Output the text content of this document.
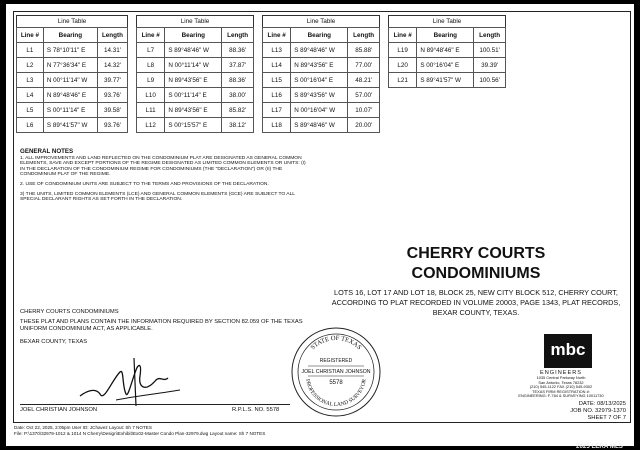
Line Table
Line #	Bearing	Length
L1	S 78°10'11" E	14.31'
L2	N 77°36'34" E	14.32'
L3	N 00°11'14" W	39.77'
L4	N 89°48'46" E	93.76'
L5	S 00°11'14" E	39.58'
L6	S 89°41'57" W	93.76'
Line Table
Line #	Bearing	Length
L7	S 89°48'46" W	88.36'
L8	N 00°11'14" W	37.87'
L9	N 89°43'56" E	88.36'
L10	S 00°11'14" E	38.00'
L11	N 89°43'56" E	85.82'
L12	S 00°15'57" E	38.12'
Line Table
Line #	Bearing	Length
L13	S 89°48'46" W	85.88'
L14	N 89°43'56" E	77.00'
L15	S 00°16'04" E	48.21'
L16	S 89°43'56" W	57.00'
L17	N 00°16'04" W	10.07'
L18	S 89°48'46" W	20.00'
Line Table
Line #	Bearing	Length
L19	N 89°48'46" E	100.51'
L20	S 00°16'04" E	39.39'
L21	S 89°41'57" W	100.56'
GENERAL NOTES

1. ALL IMPROVEMENTS AND LAND REFLECTED ON THE CONDOMINIUM PLAT ARE DESIGNATED AS GENERAL COMMON ELEMENTS, SAVE AND EXCEPT PORTIONS OF THE REGIME DESIGNATED AS LIMITED COMMON ELEMENTS OR UNITS: (I) IN THE DECLARATION OF THE CONDOMINIUM REGIME FOR CONDOMINIUMS (THE "DECLARATION") OR (II) THE CONDOMINIUM PLAT OF THE REGIME.

2. USE OF CONDOMINIUM UNITS ARE SUBJECT TO THE TERMS AND PROVISIONS OF THE DECLARATION.

3) THE UNITS, LIMITED COMMON ELEMENTS (LCE) AND GENERAL COMMON ELEMENTS (GCE) ARE SUBJECT TO ALL SPECIAL DECLARANT RIGHTS AS SET FORTH IN THE DECLARATION.

CHERRY COURTS
CONDOMINIUMS
LOTS 16, LOT 17 AND LOT 18, BLOCK 25, NEW CITY BLOCK 512, CHERRY COURT, ACCORDING TO PLAT RECORDED IN VOLUME 20003, PAGE 1343, PLAT RECORDS, BEXAR COUNTY, TEXAS.
CHERRY COURTS CONDOMINIUMS
THESE PLAT AND PLANS CONTAIN THE INFORMATION REQUIRED BY SECTION 82.059 OF THE TEXAS UNIFORM CONDOMINIUM ACT, AS APPLICABLE.
BEXAR COUNTY, TEXAS
JOEL CHRISTIAN JOHNSON	R.P.L.S. NO. 5578
STATE OF TEXAS
REGISTERED
JOEL CHRISTIAN JOHNSON
5578
PROFESSIONAL LAND SURVEYOR
mbc
ENGINEERS
1035 Central Parkway North
San Antonio, Texas 78232
(210) 545-1122 FAX (210) 545-9302
TEXAS FIRM REGISTRATION #:
ENGINEERING: F-784 & SURVEYING 10011730
DATE: 08/13/2025
JOB NO. 32979-1370
SHEET 7 OF 7
Date: Oct 22, 2025, 2:05pm User ID: JChavez Layout: Sh 7 NOTES
File: P:\1370\32979-1012 & 1014 N Cherry\Design\Exhibit\Ex02-Master Condo Plan-32979.dwg Layout name: Sh 7 NOTES
2025 LERA MLS
